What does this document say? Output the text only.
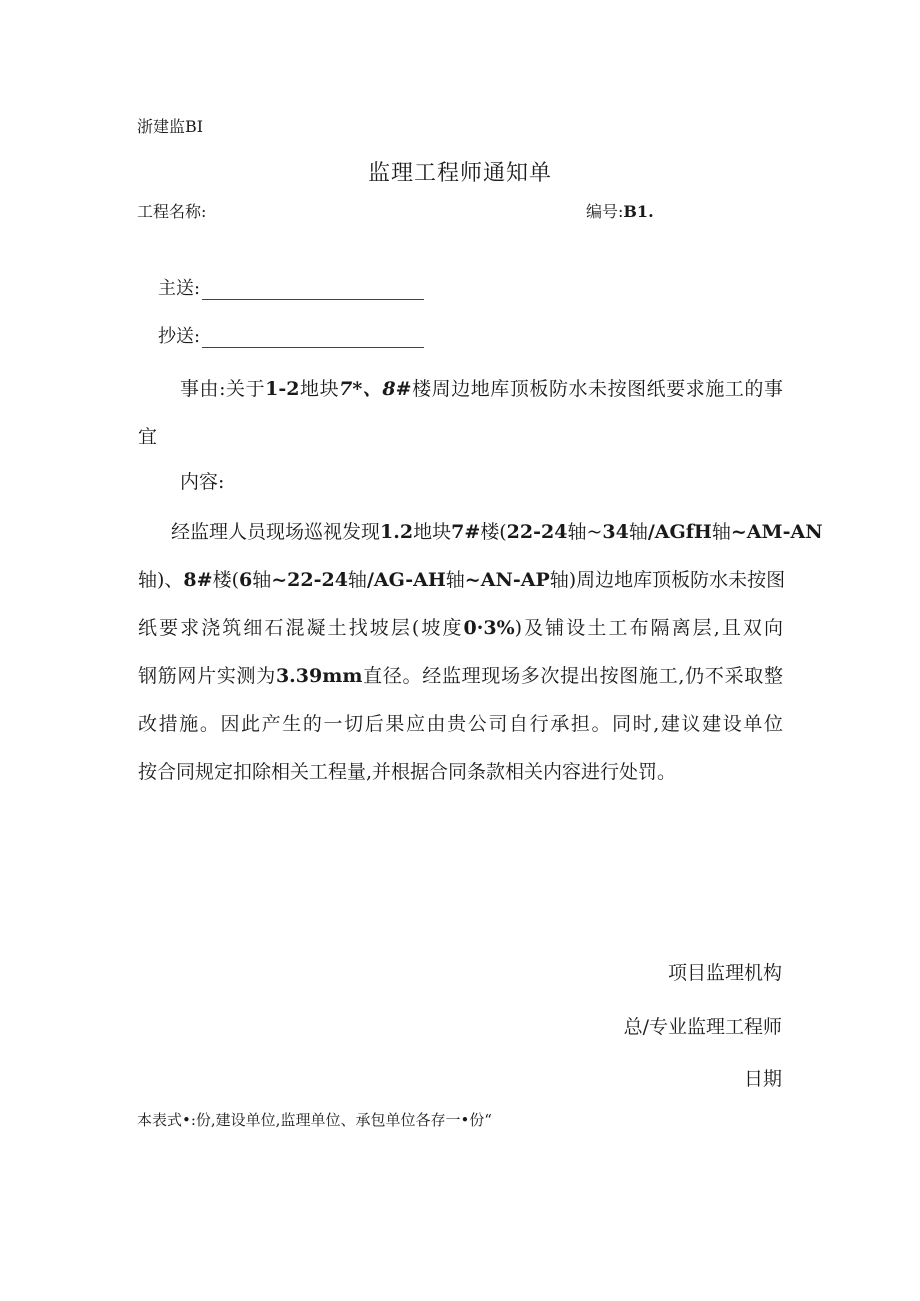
浙建监BI
监理工程师通知单
工程名称:	编号:B1.
主送:
抄送:
事由:关于1-2地块7*、8#楼周边地库顶板防水未按图纸要求施工的事
宜
内容:
经监理人员现场巡视发现1.2地块7#楼(22-24轴~34轴/AGfH轴~AM-AN
轴)、8#楼(6轴~22-24轴/AG-AH轴~AN-AP轴)周边地库顶板防水未按图
纸要求浇筑细石混凝土找坡层(坡度0·3%)及铺设土工布隔离层,且双向
钢筋网片实测为3.39mm直径。经监理现场多次提出按图施工,仍不采取整
改措施。因此产生的一切后果应由贵公司自行承担。同时,建议建设单位
按合同规定扣除相关工程量,并根据合同条款相关内容进行处罚。
项目监理机构
总/专业监理工程师
日期
本表式•:份,建设单位,监理单位、承包单位各存一•份“
